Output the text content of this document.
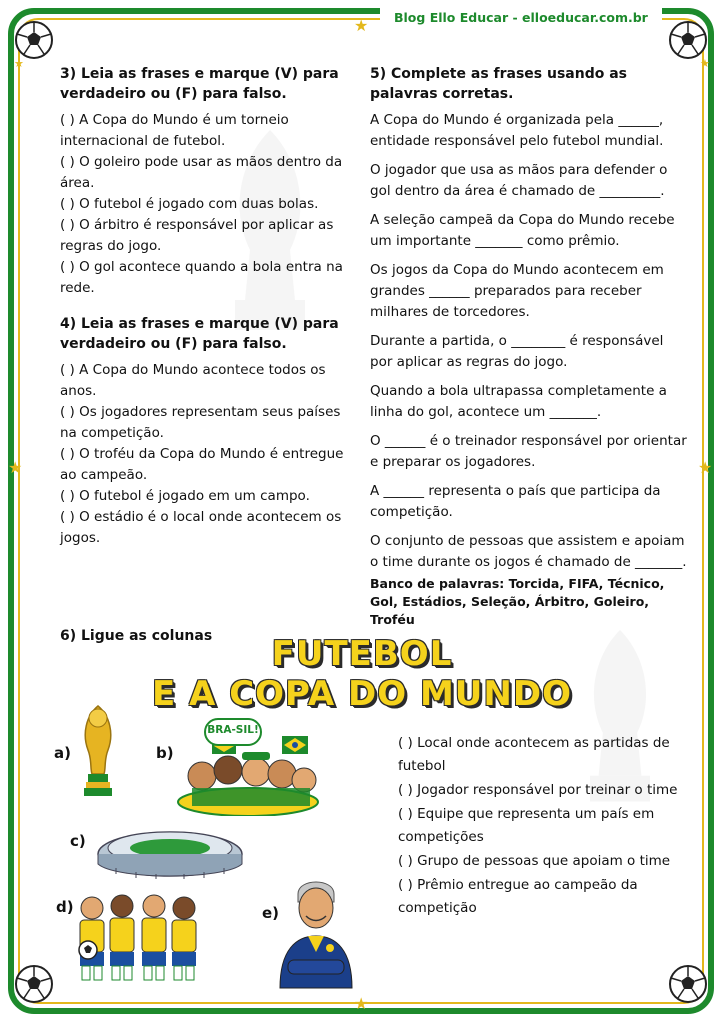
Blog Ello Educar - elloeducar.com.br
★
★
★	★
★	★
3) Leia as frases e marque (V) para verdadeiro ou (F) para falso.

( ) A Copa do Mundo é um torneio internacional de futebol.

( ) O goleiro pode usar as mãos dentro da área.

( ) O futebol é jogado com duas bolas.

( ) O árbitro é responsável por aplicar as regras do jogo.

( ) O gol acontece quando a bola entra na rede.

4) Leia as frases e marque (V) para verdadeiro ou (F) para falso.

( ) A Copa do Mundo acontece todos os anos.

( ) Os jogadores representam seus países na competição.

( ) O troféu da Copa do Mundo é entregue ao campeão.

( ) O futebol é jogado em um campo.

( ) O estádio é o local onde acontecem os jogos.

5) Complete as frases usando as palavras corretas.

A Copa do Mundo é organizada pela ______, entidade responsável pelo futebol mundial.

O jogador que usa as mãos para defender o gol dentro da área é chamado de _________.

A seleção campeã da Copa do Mundo recebe um importante _______ como prêmio.

Os jogos da Copa do Mundo acontecem em grandes ______ preparados para receber milhares de torcedores.

Durante a partida, o ________ é responsável por aplicar as regras do jogo.

Quando a bola ultrapassa completamente a linha do gol, acontece um _______.

O ______ é o treinador responsável por orientar e preparar os jogadores.

A ______ representa o país que participa da competição.

O conjunto de pessoas que assistem e apoiam o time durante os jogos é chamado de _______.

Banco de palavras: Torcida, FIFA, Técnico, Gol, Estádios, Seleção, Árbitro, Goleiro, Troféu
6) Ligue as colunas	FUTEBOL
E A COPA DO MUNDO
a)	b)
c)
d)	e)
BRA-SIL!

( ) Local onde acontecem as partidas de futebol

( ) Jogador responsável por treinar o time

( ) Equipe que representa um país em competições

( ) Grupo de pessoas que apoiam o time

( ) Prêmio entregue ao campeão da competição
